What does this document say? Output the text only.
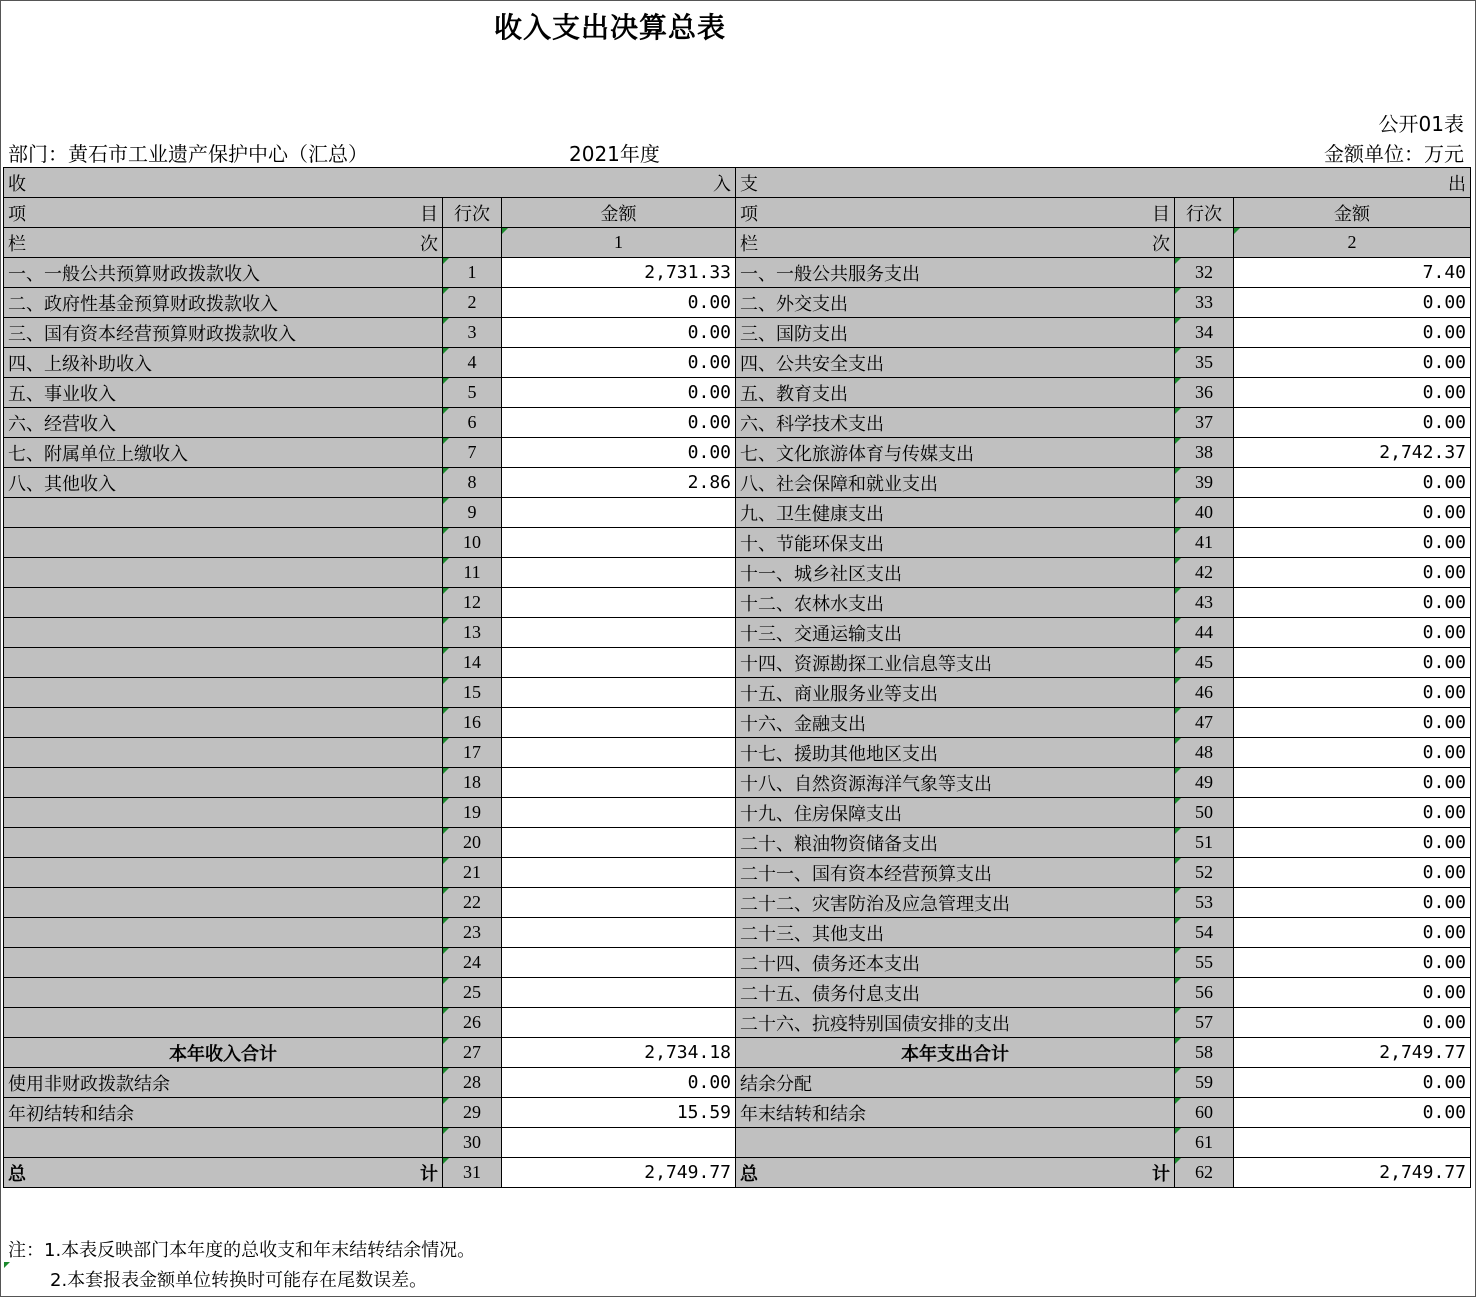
收入支出决算总表
公开01表
部门：黄石市工业遗产保护中心（汇总）	2021年度	金额单位：万元
收 入			支 出		

项 目	行次	金额	项 目	行次	金额

栏 次		1	栏 次		2
一、一般公共预算财政拨款收入	1	2,731.33	一、一般公共服务支出	32	7.40
二、政府性基金预算财政拨款收入	2	0.00	二、外交支出	33	0.00
三、国有资本经营预算财政拨款收入	3	0.00	三、国防支出	34	0.00
四、上级补助收入	4	0.00	四、公共安全支出	35	0.00
五、事业收入	5	0.00	五、教育支出	36	0.00
六、经营收入	6	0.00	六、科学技术支出	37	0.00
七、附属单位上缴收入	7	0.00	七、文化旅游体育与传媒支出	38	2,742.37
八、其他收入	8	2.86	八、社会保障和就业支出	39	0.00
	9		九、卫生健康支出	40	0.00
	10		十、节能环保支出	41	0.00
	11		十一、城乡社区支出	42	0.00
	12		十二、农林水支出	43	0.00
	13		十三、交通运输支出	44	0.00
	14		十四、资源勘探工业信息等支出	45	0.00
	15		十五、商业服务业等支出	46	0.00
	16		十六、金融支出	47	0.00
	17		十七、援助其他地区支出	48	0.00
	18		十八、自然资源海洋气象等支出	49	0.00
	19		十九、住房保障支出	50	0.00
	20		二十、粮油物资储备支出	51	0.00
	21		二十一、国有资本经营预算支出	52	0.00
	22		二十二、灾害防治及应急管理支出	53	0.00
	23		二十三、其他支出	54	0.00
	24		二十四、债务还本支出	55	0.00
	25		二十五、债务付息支出	56	0.00
	26		二十六、抗疫特别国债安排的支出	57	0.00
本年收入合计	27	2,734.18	本年支出合计	58	2,749.77
使用非财政拨款结余	28	0.00	结余分配	59	0.00
年初结转和结余	29	15.59	年末结转和结余	60	0.00
	30			61	

总 计	31	2,749.77	总 计	62	2,749.77
注：1.本表反映部门本年度的总收支和年末结转结余情况。
2.本套报表金额单位转换时可能存在尾数误差。
